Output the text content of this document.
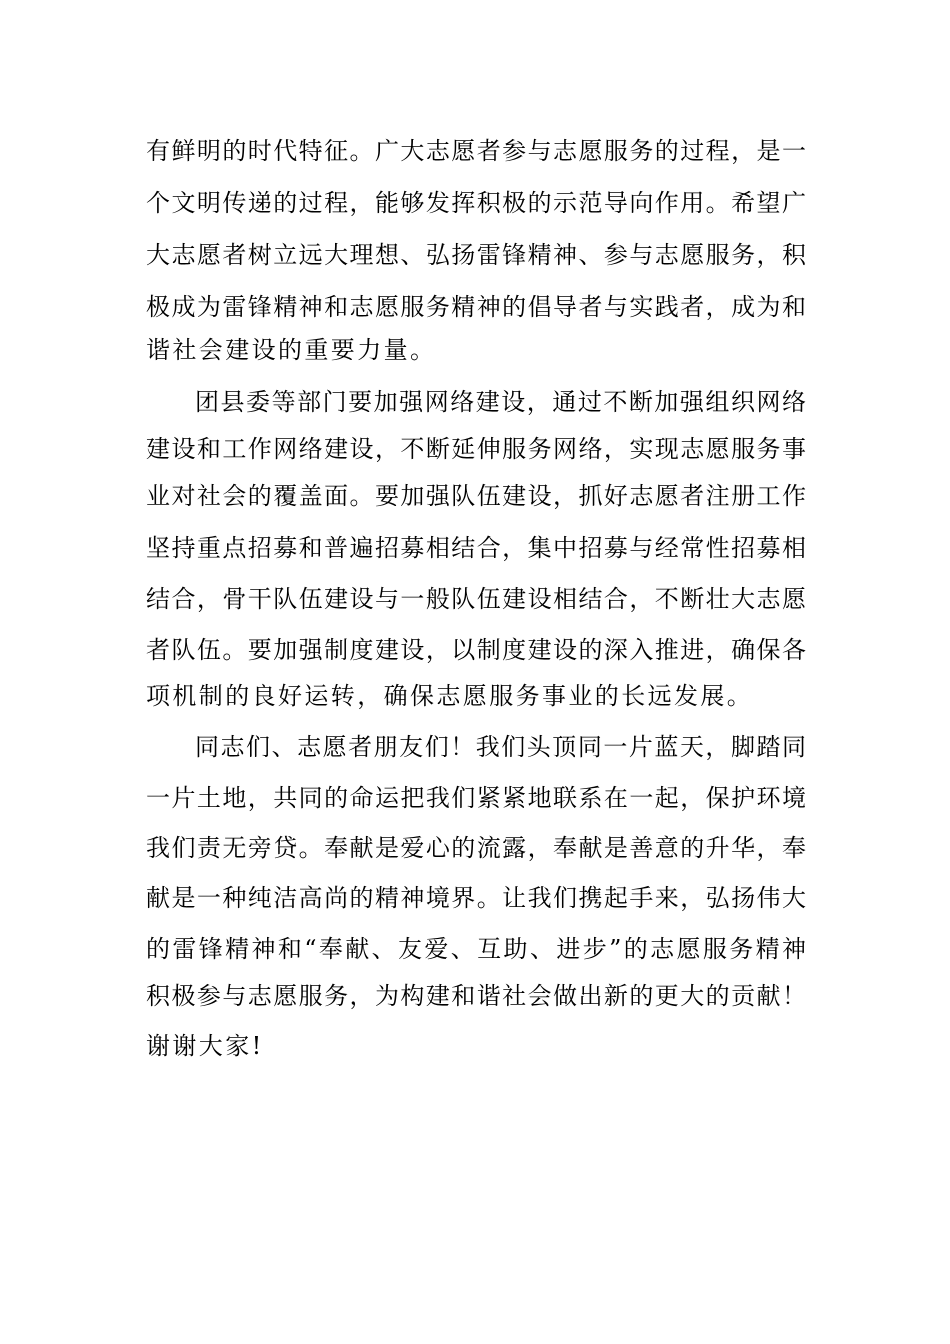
有鲜明的时代特征。广大志愿者参与志愿服务的过程，是一
个文明传递的过程，能够发挥积极的示范导向作用。希望广
大志愿者树立远大理想、弘扬雷锋精神、参与志愿服务，积
极成为雷锋精神和志愿服务精神的倡导者与实践者，成为和
谐社会建设的重要力量。
团县委等部门要加强网络建设，通过不断加强组织网络
建设和工作网络建设，不断延伸服务网络，实现志愿服务事
业对社会的覆盖面。要加强队伍建设，抓好志愿者注册工作
坚持重点招募和普遍招募相结合，集中招募与经常性招募相
结合，骨干队伍建设与一般队伍建设相结合，不断壮大志愿
者队伍。要加强制度建设，以制度建设的深入推进，确保各
项机制的良好运转，确保志愿服务事业的长远发展。
同志们、志愿者朋友们！我们头顶同一片蓝天，脚踏同
一片土地，共同的命运把我们紧紧地联系在一起，保护环境
我们责无旁贷。奉献是爱心的流露，奉献是善意的升华，奉
献是一种纯洁高尚的精神境界。让我们携起手来，弘扬伟大
的雷锋精神和“奉献、友爱、互助、进步”的志愿服务精神
积极参与志愿服务，为构建和谐社会做出新的更大的贡献！
谢谢大家!
